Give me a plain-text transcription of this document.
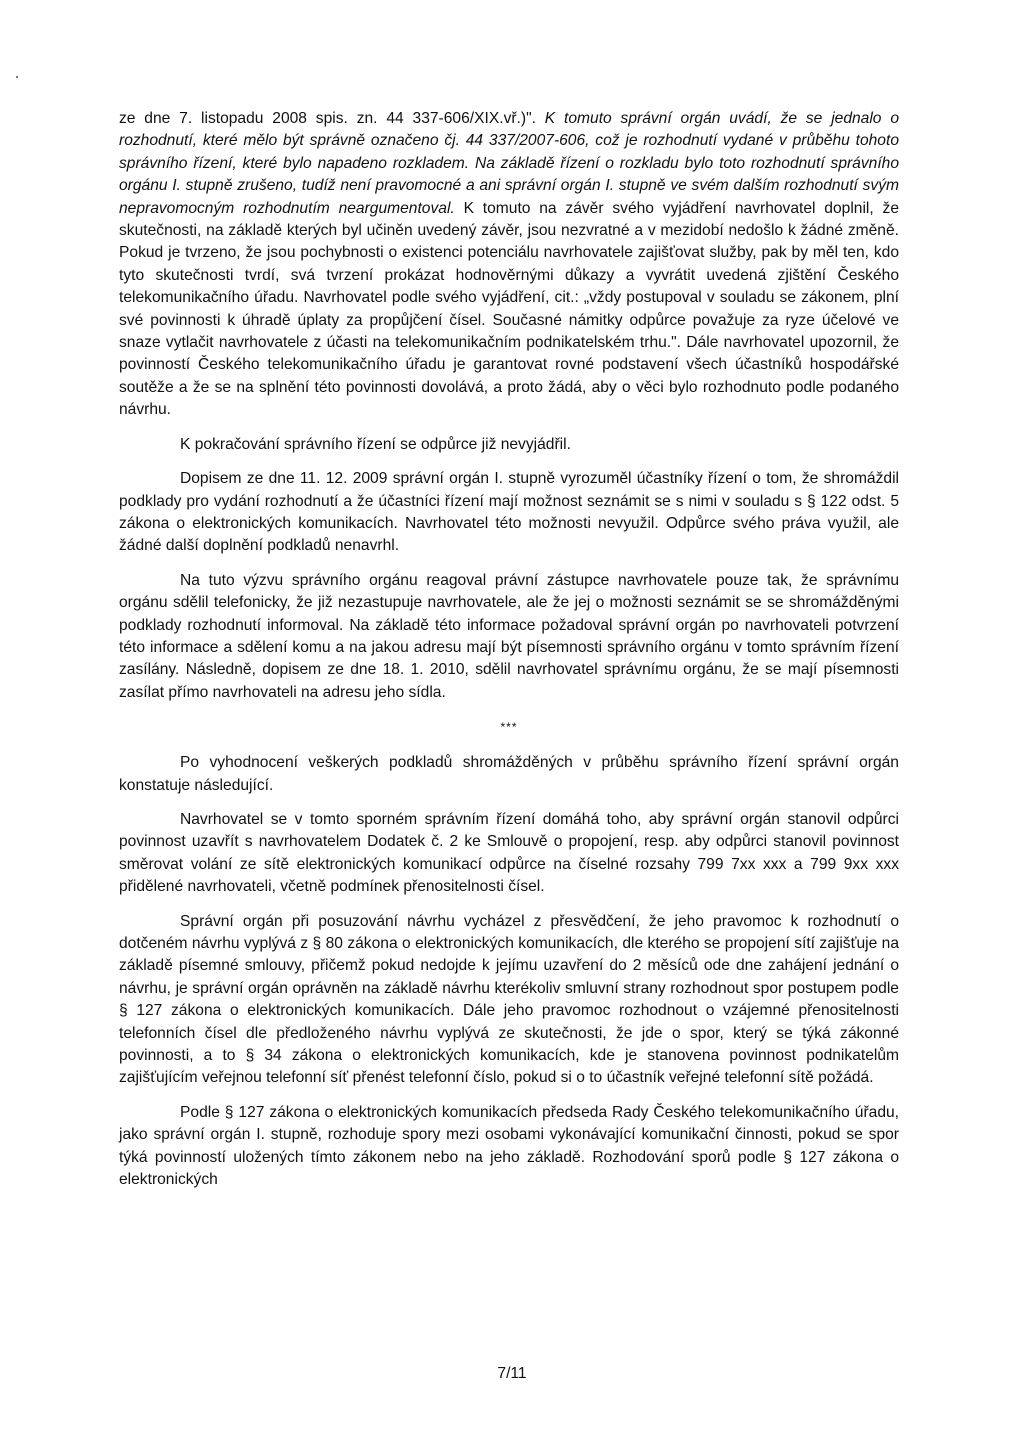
ze dne 7. listopadu 2008 spis. zn. 44 337-606/XIX.vř.)". K tomuto správní orgán uvádí, že se jednalo o rozhodnutí, které mělo být správně označeno čj. 44 337/2007-606, což je rozhodnutí vydané v průběhu tohoto správního řízení, které bylo napadeno rozkladem. Na základě řízení o rozkladu bylo toto rozhodnutí správního orgánu I. stupně zrušeno, tudíž není pravomocné a ani správní orgán I. stupně ve svém dalším rozhodnutí svým nepravomocným rozhodnutím neargumentoval. K tomuto na závěr svého vyjádření navrhovatel doplnil, že skutečnosti, na základě kterých byl učiněn uvedený závěr, jsou nezvratné a v mezidobí nedošlo k žádné změně. Pokud je tvrzeno, že jsou pochybnosti o existenci potenciálu navrhovatele zajišťovat služby, pak by měl ten, kdo tyto skutečnosti tvrdí, svá tvrzení prokázat hodnověrnými důkazy a vyvrátit uvedená zjištění Českého telekomunikačního úřadu. Navrhovatel podle svého vyjádření, cit.: „vždy postupoval v souladu se zákonem, plní své povinnosti k úhradě úplaty za propůjčení čísel. Současné námitky odpůrce považuje za ryze účelové ve snaze vytlačit navrhovatele z účasti na telekomunikačním podnikatelském trhu.". Dále navrhovatel upozornil, že povinností Českého telekomunikačního úřadu je garantovat rovné podstavení všech účastníků hospodářské soutěže a že se na splnění této povinnosti dovolává, a proto žádá, aby o věci bylo rozhodnuto podle podaného návrhu.

K pokračování správního řízení se odpůrce již nevyjádřil.

Dopisem ze dne 11. 12. 2009 správní orgán I. stupně vyrozuměl účastníky řízení o tom, že shromáždil podklady pro vydání rozhodnutí a že účastníci řízení mají možnost seznámit se s nimi v souladu s § 122 odst. 5 zákona o elektronických komunikacích. Navrhovatel této možnosti nevyužil. Odpůrce svého práva využil, ale žádné další doplnění podkladů nenavrhl.

Na tuto výzvu správního orgánu reagoval právní zástupce navrhovatele pouze tak, že správnímu orgánu sdělil telefonicky, že již nezastupuje navrhovatele, ale že jej o možnosti seznámit se se shromážděnými podklady rozhodnutí informoval. Na základě této informace požadoval správní orgán po navrhovateli potvrzení této informace a sdělení komu a na jakou adresu mají být písemnosti správního orgánu v tomto správním řízení zasílány. Následně, dopisem ze dne 18. 1. 2010, sdělil navrhovatel správnímu orgánu, že se mají písemnosti zasílat přímo navrhovateli na adresu jeho sídla.

***

Po vyhodnocení veškerých podkladů shromážděných v průběhu správního řízení správní orgán konstatuje následující.

Navrhovatel se v tomto sporném správním řízení domáhá toho, aby správní orgán stanovil odpůrci povinnost uzavřít s navrhovatelem Dodatek č. 2 ke Smlouvě o propojení, resp. aby odpůrci stanovil povinnost směrovat volání ze sítě elektronických komunikací odpůrce na číselné rozsahy 799 7xx xxx a 799 9xx xxx přidělené navrhovateli, včetně podmínek přenositelnosti čísel.

Správní orgán při posuzování návrhu vycházel z přesvědčení, že jeho pravomoc k rozhodnutí o dotčeném návrhu vyplývá z § 80 zákona o elektronických komunikacích, dle kterého se propojení sítí zajišťuje na základě písemné smlouvy, přičemž pokud nedojde k jejímu uzavření do 2 měsíců ode dne zahájení jednání o návrhu, je správní orgán oprávněn na základě návrhu kterékoliv smluvní strany rozhodnout spor postupem podle § 127 zákona o elektronických komunikacích. Dále jeho pravomoc rozhodnout o vzájemné přenositelnosti telefonních čísel dle předloženého návrhu vyplývá ze skutečnosti, že jde o spor, který se týká zákonné povinnosti, a to § 34 zákona o elektronických komunikacích, kde je stanovena povinnost podnikatelům zajišťujícím veřejnou telefonní síť přenést telefonní číslo, pokud si o to účastník veřejné telefonní sítě požádá.

Podle § 127 zákona o elektronických komunikacích předseda Rady Českého telekomunikačního úřadu, jako správní orgán I. stupně, rozhoduje spory mezi osobami vykonávající komunikační činnosti, pokud se spor týká povinností uložených tímto zákonem nebo na jeho základě. Rozhodování sporů podle § 127 zákona o elektronických

7/11
